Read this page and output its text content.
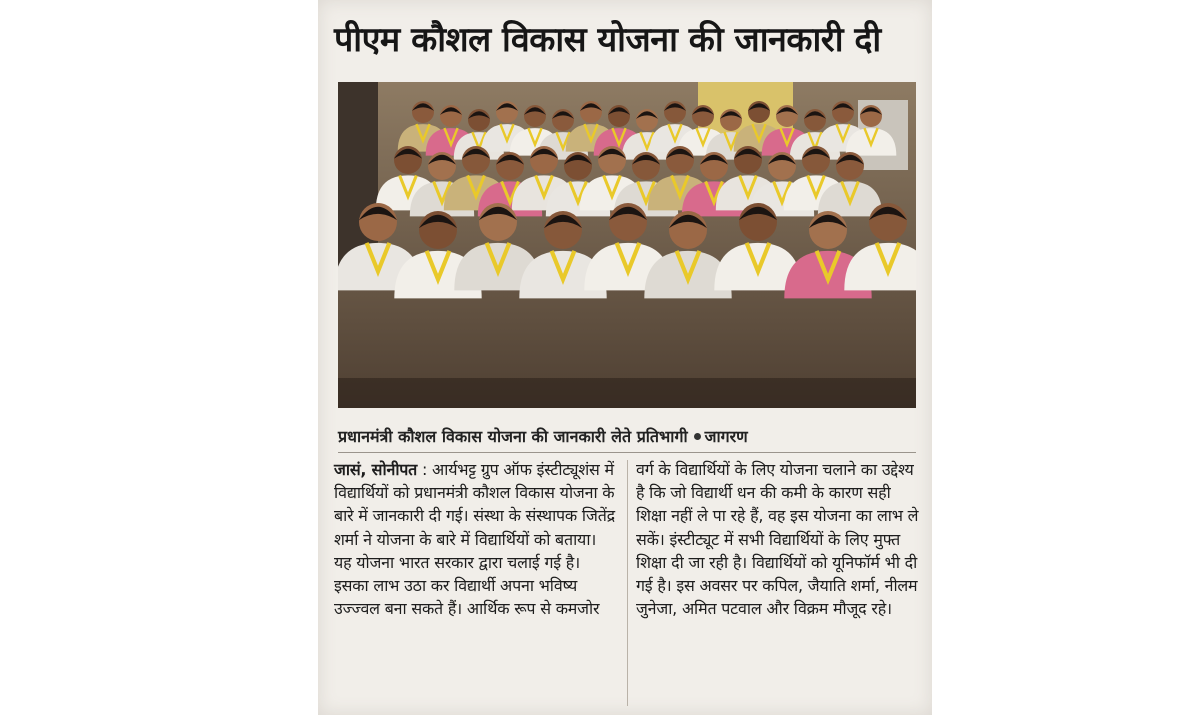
पीएम कौशल विकास योजना की जानकारी दी
प्रधानमंत्री कौशल विकास योजना की जानकारी लेते प्रतिभागी जागरण

जासं, सोनीपत : आर्यभट्ट ग्रुप ऑफ इंस्टीट्यूशंस में विद्यार्थियों को प्रधानमंत्री कौशल विकास योजना के बारे में जानकारी दी गई। संस्था के संस्थापक जितेंद्र शर्मा ने योजना के बारे में विद्यार्थियों को बताया। यह योजना भारत सरकार द्वारा चलाई गई है। इसका लाभ उठा कर विद्यार्थी अपना भविष्य उज्ज्वल बना सकते हैं। आर्थिक रूप से कमजोर

वर्ग के विद्यार्थियों के लिए योजना चलाने का उद्देश्य है कि जो विद्यार्थी धन की कमी के कारण सही शिक्षा नहीं ले पा रहे हैं, वह इस योजना का लाभ ले सकें। इंस्टीट्यूट में सभी विद्यार्थियों के लिए मुफ्त शिक्षा दी जा रही है। विद्यार्थियों को यूनिफॉर्म भी दी गई है। इस अवसर पर कपिल, जैयाति शर्मा, नीलम जुनेजा, अमित पटवाल और विक्रम मौजूद रहे।
